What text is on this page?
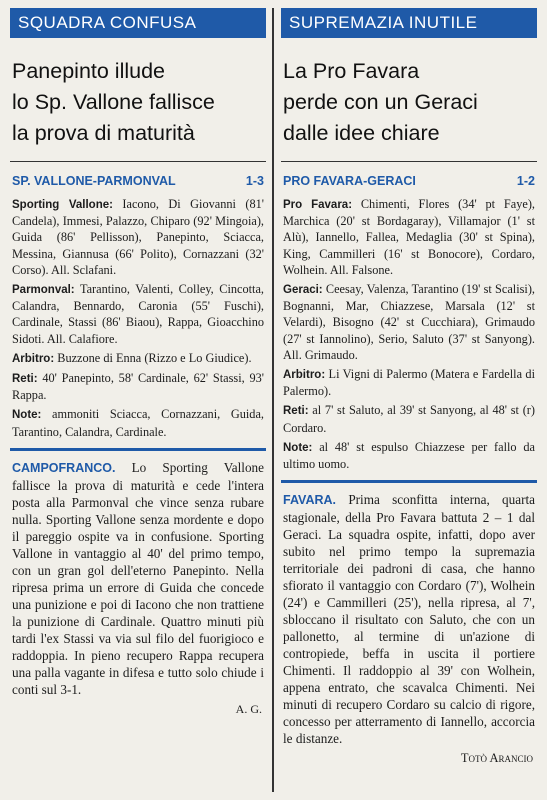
SQUADRA CONFUSA
Panepinto illude
lo Sp. Vallone fallisce
la prova di maturità
SP. VALLONE-PARMONVAL	1-3
Sporting Vallone: Iacono, Di Giovanni (81' Candela), Immesi, Palazzo, Chiparo (92' Mingoia), Guida (86' Pellisson), Panepinto, Sciacca, Messina, Giannusa (66' Polito), Cornazzani (32' Corso). All. Sclafani.
Parmonval: Tarantino, Valenti, Colley, Cincotta, Calandra, Bennardo, Caronia (55' Fuschi), Cardinale, Stassi (86' Biaou), Rappa, Gioacchino Sidoti. All. Calafiore.
Arbitro: Buzzone di Enna (Rizzo e Lo Giudice).
Reti: 40' Panepinto, 58' Cardinale, 62' Stassi, 93' Rappa.
Note: ammoniti Sciacca, Cornazzani, Guida, Tarantino, Calandra, Cardinale.
CAMPOFRANCO. Lo Sporting Vallone fallisce la prova di maturità e cede l'intera posta alla Parmonval che vince senza rubare nulla. Sporting Vallone senza mordente e dopo il pareggio ospite va in confusione. Sporting Vallone in vantaggio al 40' del primo tempo, con un gran gol dell'eterno Panepinto. Nella ripresa prima un errore di Guida che concede una punizione e poi di Iacono che non trattiene la punizione di Cardinale. Quattro minuti più tardi l'ex Stassi va via sul filo del fuorigioco e raddoppia. In pieno recupero Rappa recupera una palla vagante in difesa e tutto solo chiude i conti sul 3-1.
A. G.
SUPREMAZIA INUTILE
La Pro Favara
perde con un Geraci
dalle idee chiare
PRO FAVARA-GERACI	1-2
Pro Favara: Chimenti, Flores (34' pt Faye), Marchica (20' st Bordagaray), Villamajor (1' st Alù), Iannello, Fallea, Medaglia (30' st Spina), King, Cammilleri (16' st Bonocore), Cordaro, Wolhein. All. Falsone.
Geraci: Ceesay, Valenza, Tarantino (19' st Scalisi), Bognanni, Mar, Chiazzese, Marsala (12' st Velardi), Bisogno (42' st Cucchiara), Grimaudo (27' st Iannolino), Serio, Saluto (37' st Sanyong). All. Grimaudo.
Arbitro: Li Vigni di Palermo (Matera e Fardella di Palermo).
Reti: al 7' st Saluto, al 39' st Sanyong, al 48' st (r) Cordaro.
Note: al 48' st espulso Chiazzese per fallo da ultimo uomo.
FAVARA. Prima sconfitta interna, quarta stagionale, della Pro Favara battuta 2 – 1 dal Geraci. La squadra ospite, infatti, dopo aver subito nel primo tempo la supremazia territoriale dei padroni di casa, che hanno sfiorato il vantaggio con Cordaro (7'), Wolhein (24') e Cammilleri (25'), nella ripresa, al 7', sbloccano il risultato con Saluto, che con un pallonetto, al termine di un'azione di contropiede, beffa in uscita il portiere Chimenti. Il raddoppio al 39' con Wolhein, appena entrato, che scavalca Chimenti. Nei minuti di recupero Cordaro su calcio di rigore, concesso per atterramento di Iannello, accorcia le distanze.
Totò Arancio
